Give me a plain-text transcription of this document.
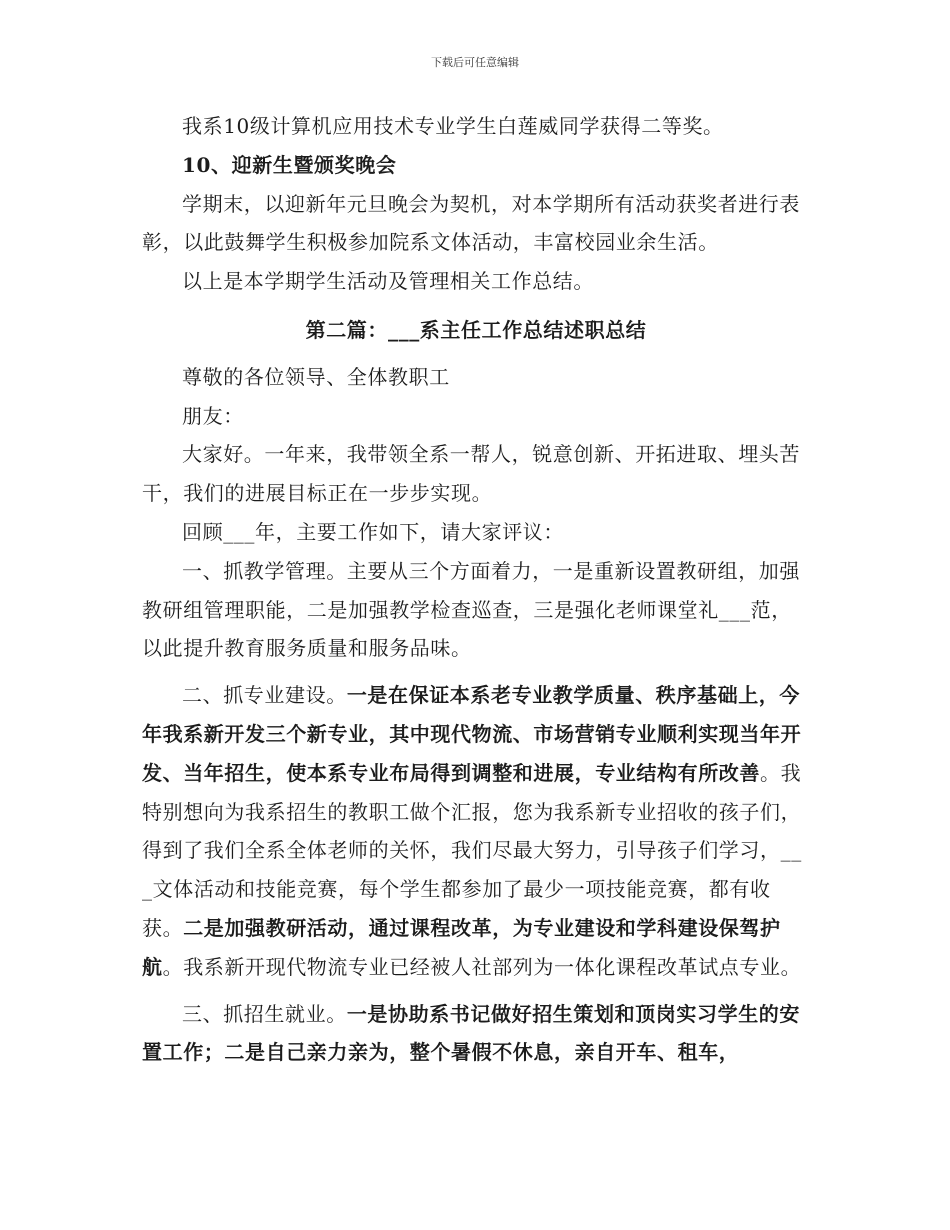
下载后可任意编辑

我系10级计算机应用技术专业学生白莲威同学获得二等奖。

10、迎新生暨颁奖晚会

学期末，以迎新年元旦晚会为契机，对本学期所有活动获奖者进行表彰，以此鼓舞学生积极参加院系文体活动，丰富校园业余生活。

以上是本学期学生活动及管理相关工作总结。

第二篇：___系主任工作总结述职总结

尊敬的各位领导、全体教职工

朋友：

大家好。一年来，我带领全系一帮人，锐意创新、开拓进取、埋头苦干，我们的进展目标正在一步步实现。

回顾___年，主要工作如下，请大家评议：

一、抓教学管理。主要从三个方面着力，一是重新设置教研组，加强教研组管理职能，二是加强教学检查巡查，三是强化老师课堂礼___范，以此提升教育服务质量和服务品味。

二、抓专业建设。一是在保证本系老专业教学质量、秩序基础上，今年我系新开发三个新专业，其中现代物流、市场营销专业顺利实现当年开发、当年招生，使本系专业布局得到调整和进展，专业结构有所改善。我特别想向为我系招生的教职工做个汇报，您为我系新专业招收的孩子们，得到了我们全系全体老师的关怀，我们尽最大努力，引导孩子们学习，___文体活动和技能竞赛，每个学生都参加了最少一项技能竞赛，都有收获。二是加强教研活动，通过课程改革，为专业建设和学科建设保驾护航。我系新开现代物流专业已经被人社部列为一体化课程改革试点专业。

三、抓招生就业。一是协助系书记做好招生策划和顶岗实习学生的安置工作；二是自己亲力亲为，整个暑假不休息，亲自开车、租车，
